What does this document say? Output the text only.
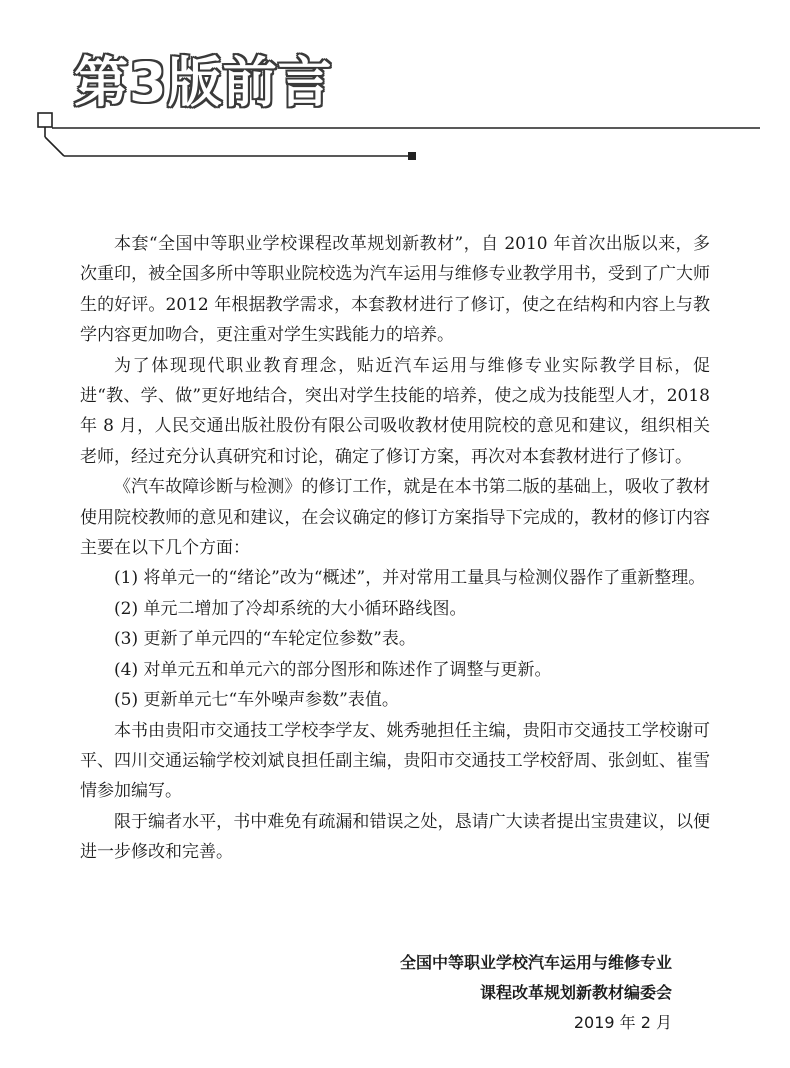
第3版前言

本套“全国中等职业学校课程改革规划新教材”，自 2010 年首次出版以来，多次重印，被全国多所中等职业院校选为汽车运用与维修专业教学用书，受到了广大师生的好评。2012 年根据教学需求，本套教材进行了修订，使之在结构和内容上与教学内容更加吻合，更注重对学生实践能力的培养。

为了体现现代职业教育理念，贴近汽车运用与维修专业实际教学目标，促进“教、学、做”更好地结合，突出对学生技能的培养，使之成为技能型人才，2018 年 8 月，人民交通出版社股份有限公司吸收教材使用院校的意见和建议，组织相关老师，经过充分认真研究和讨论，确定了修订方案，再次对本套教材进行了修订。

《汽车故障诊断与检测》的修订工作，就是在本书第二版的基础上，吸收了教材使用院校教师的意见和建议，在会议确定的修订方案指导下完成的，教材的修订内容主要在以下几个方面：

(1) 将单元一的“绪论”改为“概述”，并对常用工量具与检测仪器作了重新整理。

(2) 单元二增加了冷却系统的大小循环路线图。

(3) 更新了单元四的“车轮定位参数”表。

(4) 对单元五和单元六的部分图形和陈述作了调整与更新。

(5) 更新单元七“车外噪声参数”表值。

本书由贵阳市交通技工学校李学友、姚秀驰担任主编，贵阳市交通技工学校谢可平、四川交通运输学校刘斌良担任副主编，贵阳市交通技工学校舒周、张剑虹、崔雪情参加编写。

限于编者水平，书中难免有疏漏和错误之处，恳请广大读者提出宝贵建议，以便进一步修改和完善。

全国中等职业学校汽车运用与维修专业
课程改革规划新教材编委会
2019 年 2 月
